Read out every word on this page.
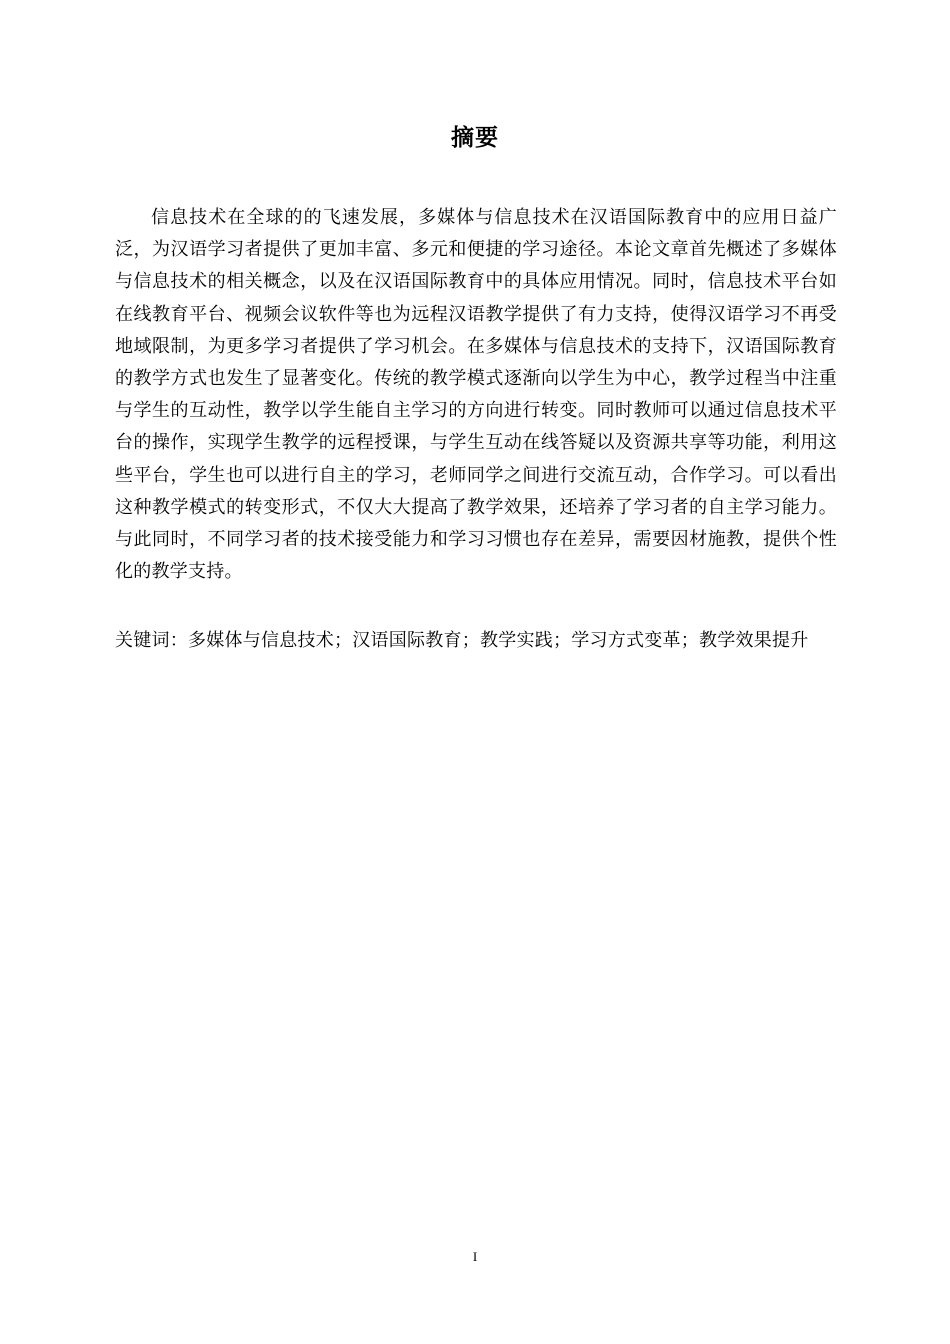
摘要

信息技术在全球的的飞速发展，多媒体与信息技术在汉语国际教育中的应用日益广泛，为汉语学习者提供了更加丰富、多元和便捷的学习途径。本论文章首先概述了多媒体与信息技术的相关概念，以及在汉语国际教育中的具体应用情况。同时，信息技术平台如在线教育平台、视频会议软件等也为远程汉语教学提供了有力支持，使得汉语学习不再受地域限制，为更多学习者提供了学习机会。在多媒体与信息技术的支持下，汉语国际教育的教学方式也发生了显著变化。传统的教学模式逐渐向以学生为中心，教学过程当中注重与学生的互动性，教学以学生能自主学习的方向进行转变。同时教师可以通过信息技术平台的操作，实现学生教学的远程授课，与学生互动在线答疑以及资源共享等功能，利用这些平台，学生也可以进行自主的学习，老师同学之间进行交流互动，合作学习。可以看出这种教学模式的转变形式，不仅大大提高了教学效果，还培养了学习者的自主学习能力。与此同时，不同学习者的技术接受能力和学习习惯也存在差异，需要因材施教，提供个性化的教学支持。

关键词：多媒体与信息技术；汉语国际教育；教学实践；学习方式变革；教学效果提升

I
